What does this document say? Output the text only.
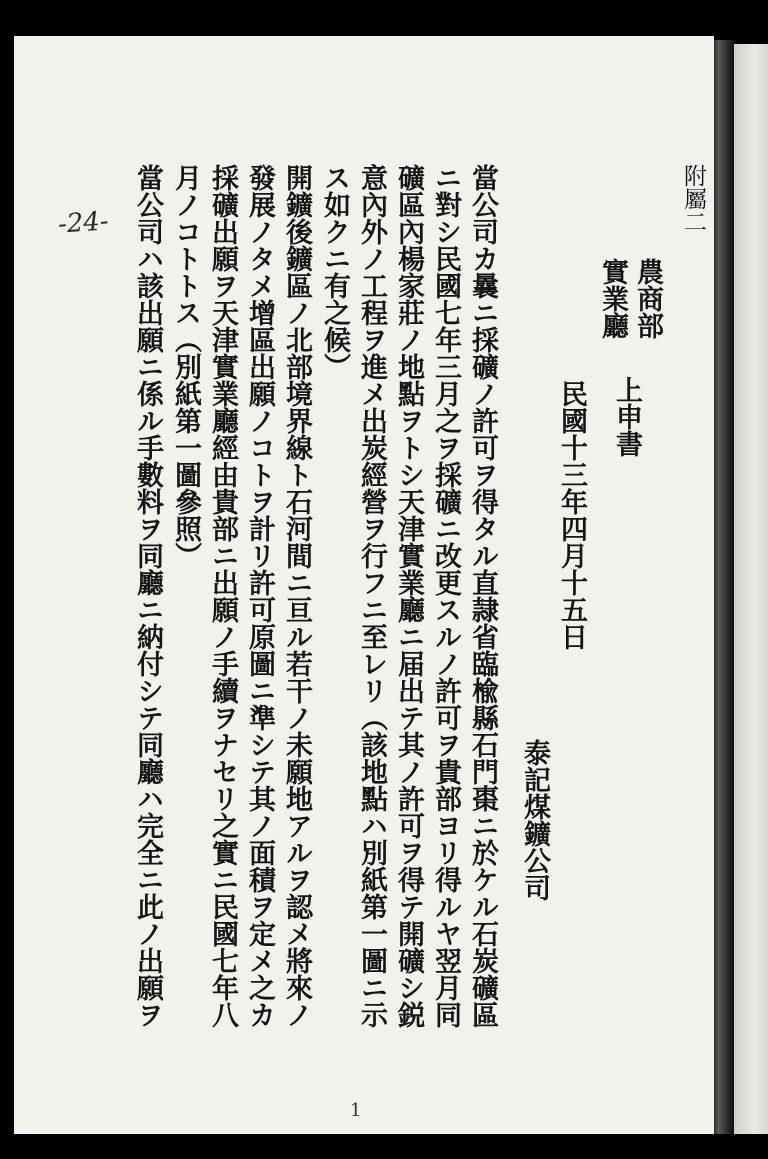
-24-	附屬二
農商部
實業廳
上申書
民國十三年四月十五日
泰記煤鑛公司
當公司カ曩ニ採礦ノ許可ヲ得タル直隷省臨楡縣石門棗ニ於ケル石炭礦區
ニ對シ民國七年三月之ヲ採礦ニ改更スルノ許可ヲ貴部ヨリ得ルヤ翌月同
礦區內楊家莊ノ地點ヲトシ天津實業廳ニ届出テ其ノ許可ヲ得テ開礦シ鋭
意內外ノ工程ヲ進メ出炭經營ヲ行フニ至レリ（該地點ハ別紙第一圖ニ示
ス如クニ有之候）
開鑛後鑛區ノ北部境界線ト石河間ニ亘ル若干ノ未願地アルヲ認メ將來ノ
發展ノタメ增區出願ノコトヲ計リ許可原圖ニ準シテ其ノ面積ヲ定メ之カ
採礦出願ヲ天津實業廳經由貴部ニ出願ノ手續ヲナセリ之實ニ民國七年八
月ノコトトス（別紙第一圖參照）
當公司ハ該出願ニ係ル手數料ヲ同廳ニ納付シテ同廳ハ完全ニ此ノ出願ヲ
1
